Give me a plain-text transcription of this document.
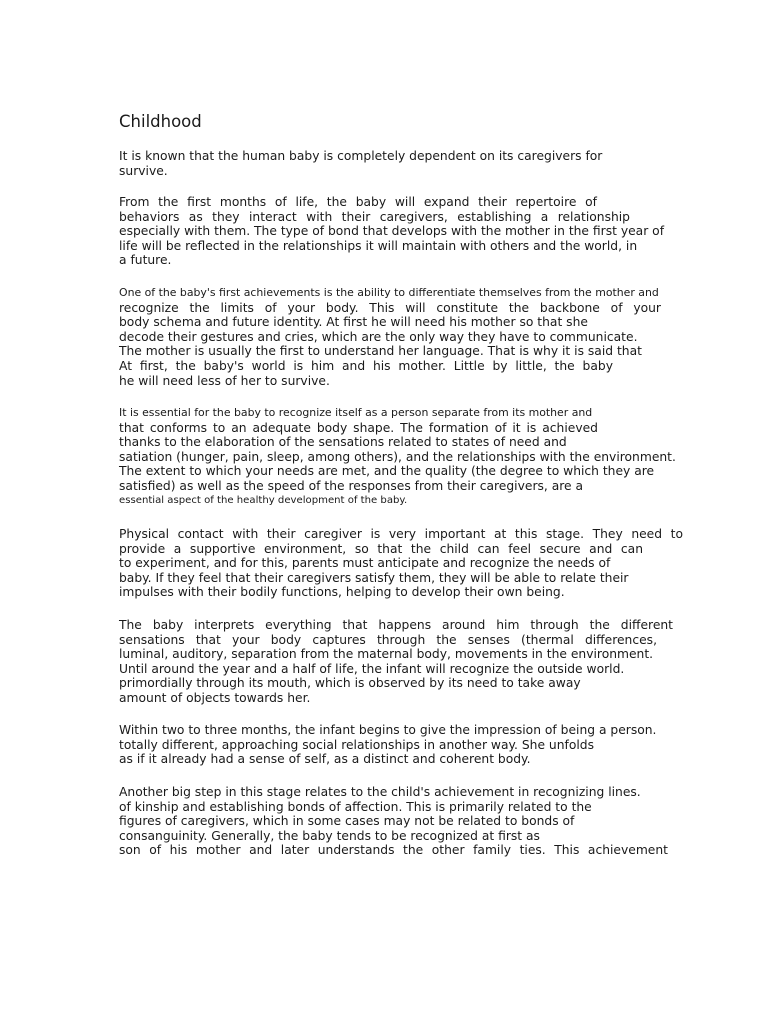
Childhood

It is known that the human baby is completely dependent on its caregivers for
survive.

From the first months of life, the baby will expand their repertoire of
behaviors as they interact with their caregivers, establishing a relationship
especially with them. The type of bond that develops with the mother in the first year of
life will be reflected in the relationships it will maintain with others and the world, in
a future.

One of the baby's first achievements is the ability to differentiate themselves from the mother and
recognize the limits of your body. This will constitute the backbone of your
body schema and future identity. At first he will need his mother so that she
decode their gestures and cries, which are the only way they have to communicate.
The mother is usually the first to understand her language. That is why it is said that
At first, the baby's world is him and his mother. Little by little, the baby
he will need less of her to survive.

It is essential for the baby to recognize itself as a person separate from its mother and
that conforms to an adequate body shape. The formation of it is achieved
thanks to the elaboration of the sensations related to states of need and
satiation (hunger, pain, sleep, among others), and the relationships with the environment.
The extent to which your needs are met, and the quality (the degree to which they are
satisfied) as well as the speed of the responses from their caregivers, are a
essential aspect of the healthy development of the baby.

Physical contact with their caregiver is very important at this stage. They need to
provide a supportive environment, so that the child can feel secure and can
to experiment, and for this, parents must anticipate and recognize the needs of
baby. If they feel that their caregivers satisfy them, they will be able to relate their
impulses with their bodily functions, helping to develop their own being.

The baby interprets everything that happens around him through the different
sensations that your body captures through the senses (thermal differences,
luminal, auditory, separation from the maternal body, movements in the environment.
Until around the year and a half of life, the infant will recognize the outside world.
primordially through its mouth, which is observed by its need to take away
amount of objects towards her.

Within two to three months, the infant begins to give the impression of being a person.
totally different, approaching social relationships in another way. She unfolds
as if it already had a sense of self, as a distinct and coherent body.

Another big step in this stage relates to the child's achievement in recognizing lines.
of kinship and establishing bonds of affection. This is primarily related to the
figures of caregivers, which in some cases may not be related to bonds of
consanguinity. Generally, the baby tends to be recognized at first as
son of his mother and later understands the other family ties. This achievement
